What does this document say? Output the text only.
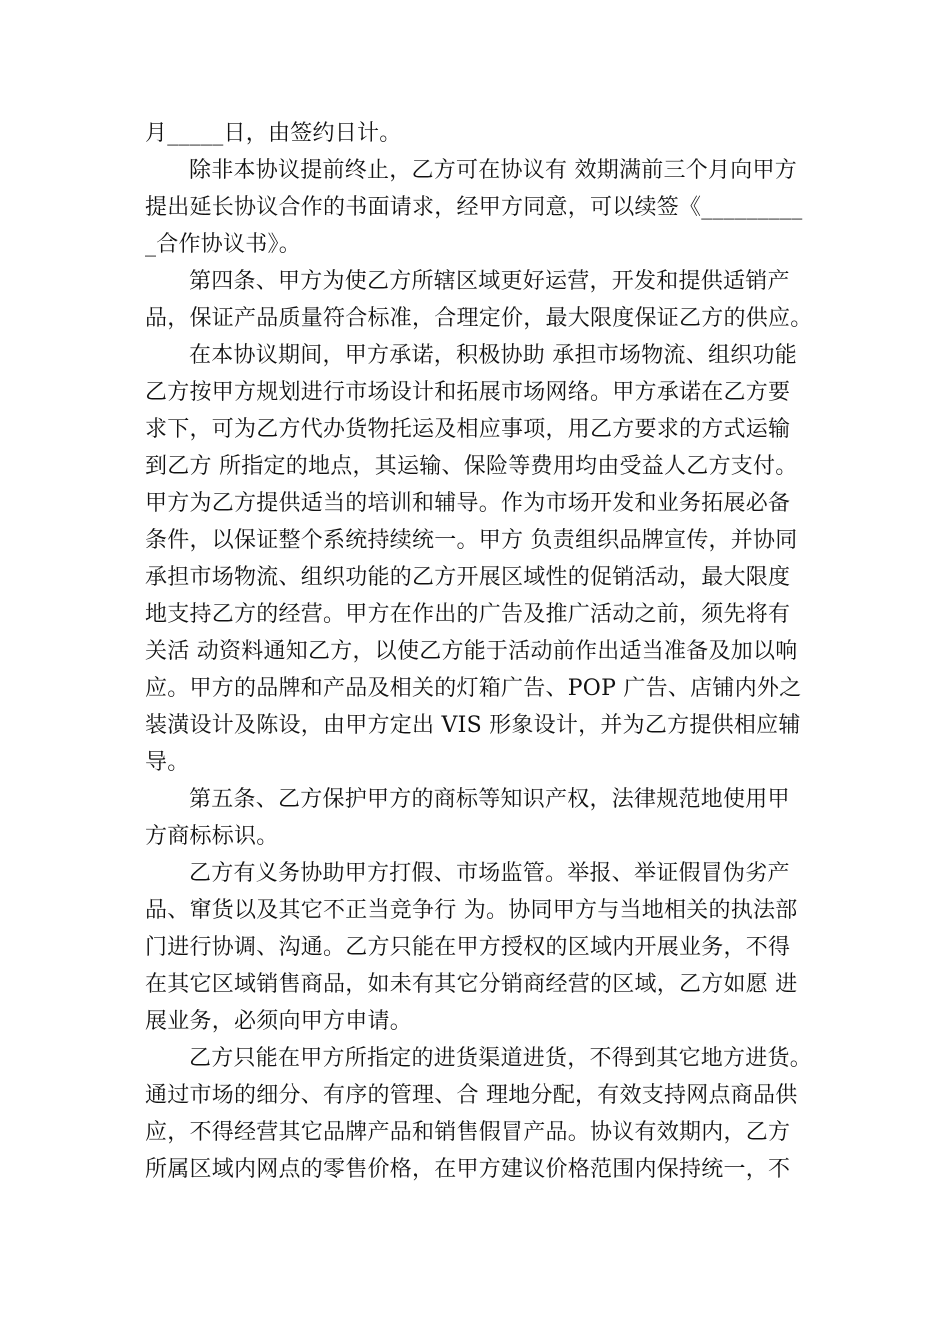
月_____日，由签约日计。
除非本协议提前终止，乙方可在协议有 效期满前三个月向甲方
提出延长协议合作的书面请求，经甲方同意，可以续签《_________
_合作协议书》。
第四条、甲方为使乙方所辖区域更好运营，开发和提供适销产
品，保证产品质量符合标准，合理定价，最大限度保证乙方的供应。
在本协议期间，甲方承诺，积极协助 承担市场物流、组织功能
乙方按甲方规划进行市场设计和拓展市场网络。甲方承诺在乙方要
求下，可为乙方代办货物托运及相应事项，用乙方要求的方式运输
到乙方 所指定的地点，其运输、保险等费用均由受益人乙方支付。
甲方为乙方提供适当的培训和辅导。作为市场开发和业务拓展必备
条件，以保证整个系统持续统一。甲方 负责组织品牌宣传，并协同
承担市场物流、组织功能的乙方开展区域性的促销活动，最大限度
地支持乙方的经营。甲方在作出的广告及推广活动之前，须先将有
关活 动资料通知乙方，以使乙方能于活动前作出适当准备及加以响
应。甲方的品牌和产品及相关的灯箱广告、POP 广告、店铺内外之
装潢设计及陈设，由甲方定出 VIS 形象设计，并为乙方提供相应辅
导。
第五条、乙方保护甲方的商标等知识产权，法律规范地使用甲
方商标标识。
乙方有义务协助甲方打假、市场监管。举报、举证假冒伪劣产
品、窜货以及其它不正当竞争行 为。协同甲方与当地相关的执法部
门进行协调、沟通。乙方只能在甲方授权的区域内开展业务，不得
在其它区域销售商品，如未有其它分销商经营的区域，乙方如愿 进
展业务，必须向甲方申请。
乙方只能在甲方所指定的进货渠道进货，不得到其它地方进货。
通过市场的细分、有序的管理、合 理地分配，有效支持网点商品供
应，不得经营其它品牌产品和销售假冒产品。协议有效期内，乙方
所属区域内网点的零售价格，在甲方建议价格范围内保持统一，不
